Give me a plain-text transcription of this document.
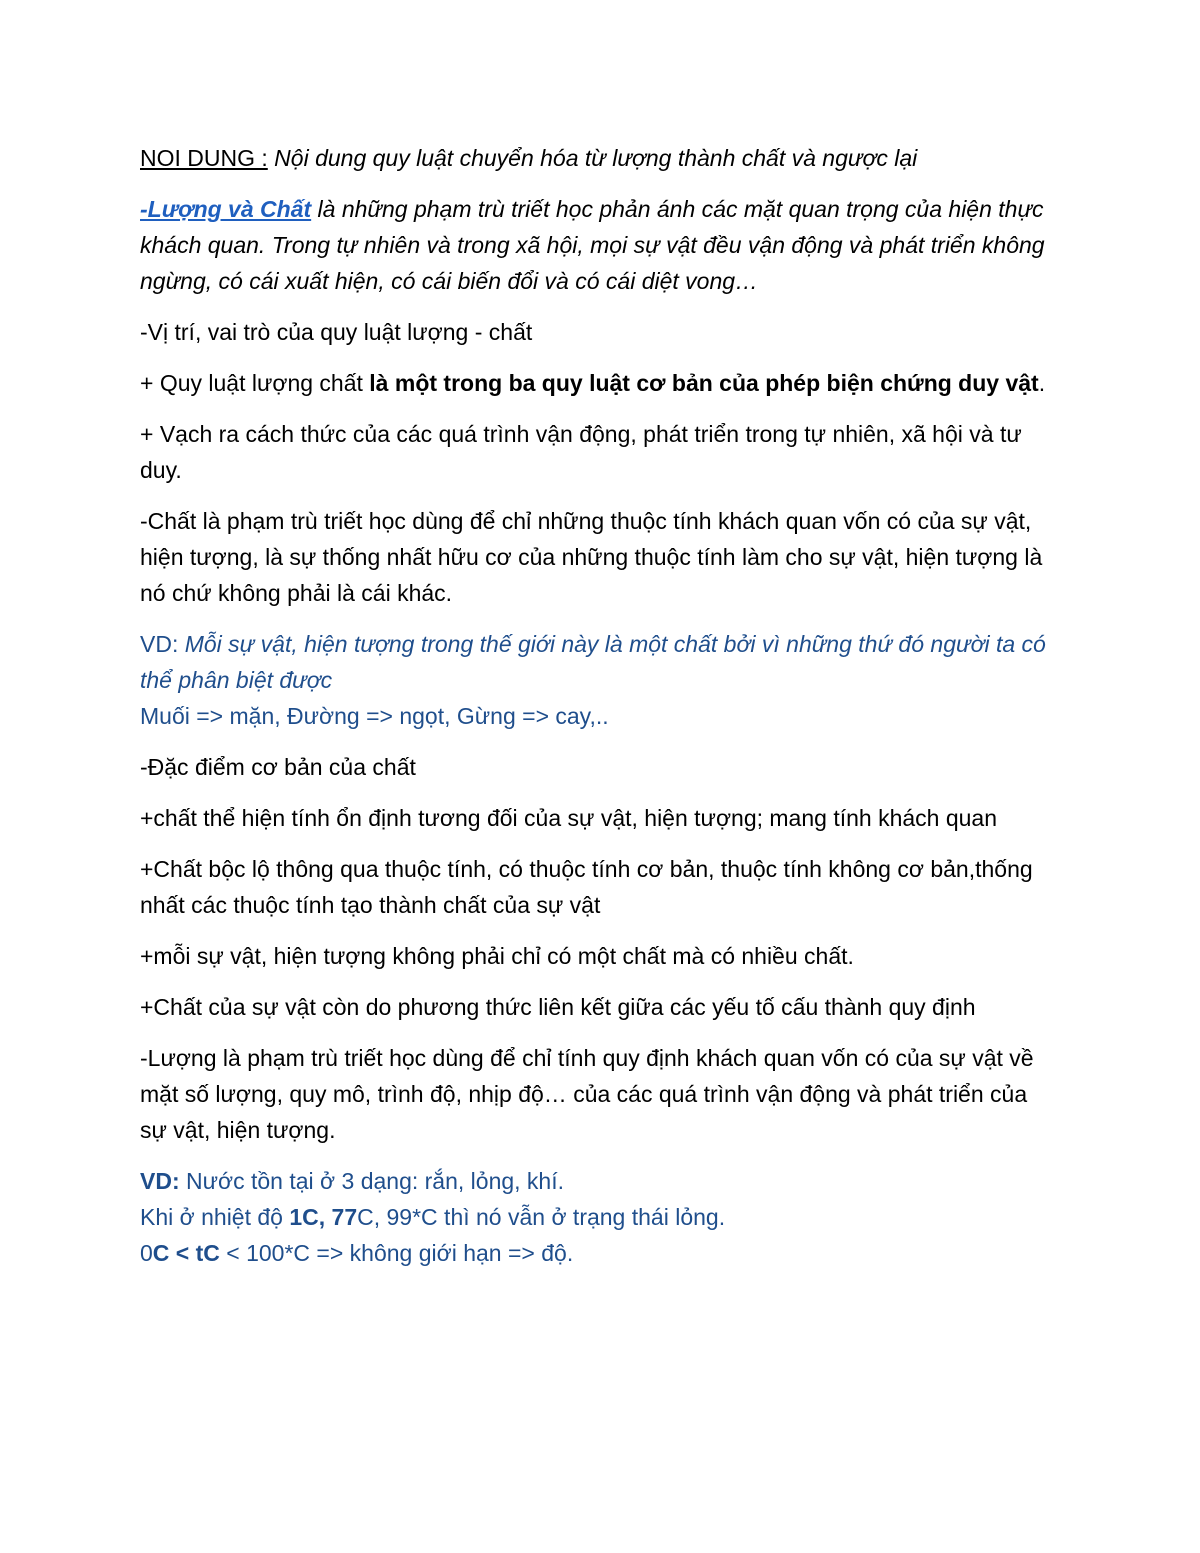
NOI DUNG : Nội dung quy luật chuyển hóa từ lượng thành chất và ngược lại

-Lượng và Chất là những phạm trù triết học phản ánh các mặt quan trọng của hiện thực khách quan. Trong tự nhiên và trong xã hội, mọi sự vật đều vận động và phát triển không ngừng, có cái xuất hiện, có cái biến đổi và có cái diệt vong…

-Vị trí, vai trò của quy luật lượng - chất

+ Quy luật lượng chất là một trong ba quy luật cơ bản của phép biện chứng duy vật.

+ Vạch ra cách thức của các quá trình vận động, phát triển trong tự nhiên, xã hội và tư duy.

-Chất là phạm trù triết học dùng để chỉ những thuộc tính khách quan vốn có của sự vật, hiện tượng, là sự thống nhất hữu cơ của những thuộc tính làm cho sự vật, hiện tượng là nó chứ không phải là cái khác.

VD: Mỗi sự vật, hiện tượng trong thế giới này là một chất bởi vì những thứ đó người ta có thể phân biệt được
Muối => mặn, Đường => ngọt, Gừng => cay,..

-Đặc điểm cơ bản của chất

+chất thể hiện tính ổn định tương đối của sự vật, hiện tượng; mang tính khách quan

+Chất bộc lộ thông qua thuộc tính, có thuộc tính cơ bản, thuộc tính không cơ bản,thống nhất các thuộc tính tạo thành chất của sự vật

+mỗi sự vật, hiện tượng không phải chỉ có một chất mà có nhiều chất.

+Chất của sự vật còn do phương thức liên kết giữa các yếu tố cấu thành quy định

-Lượng là phạm trù triết học dùng để chỉ tính quy định khách quan vốn có của sự vật về mặt số lượng, quy mô, trình độ, nhịp độ… của các quá trình vận động và phát triển của sự vật, hiện tượng.

VD: Nước tồn tại ở 3 dạng: rắn, lỏng, khí.
Khi ở nhiệt độ 1C, 77C, 99*C thì nó vẫn ở trạng thái lỏng.
0C < tC < 100*C => không giới hạn => độ.
